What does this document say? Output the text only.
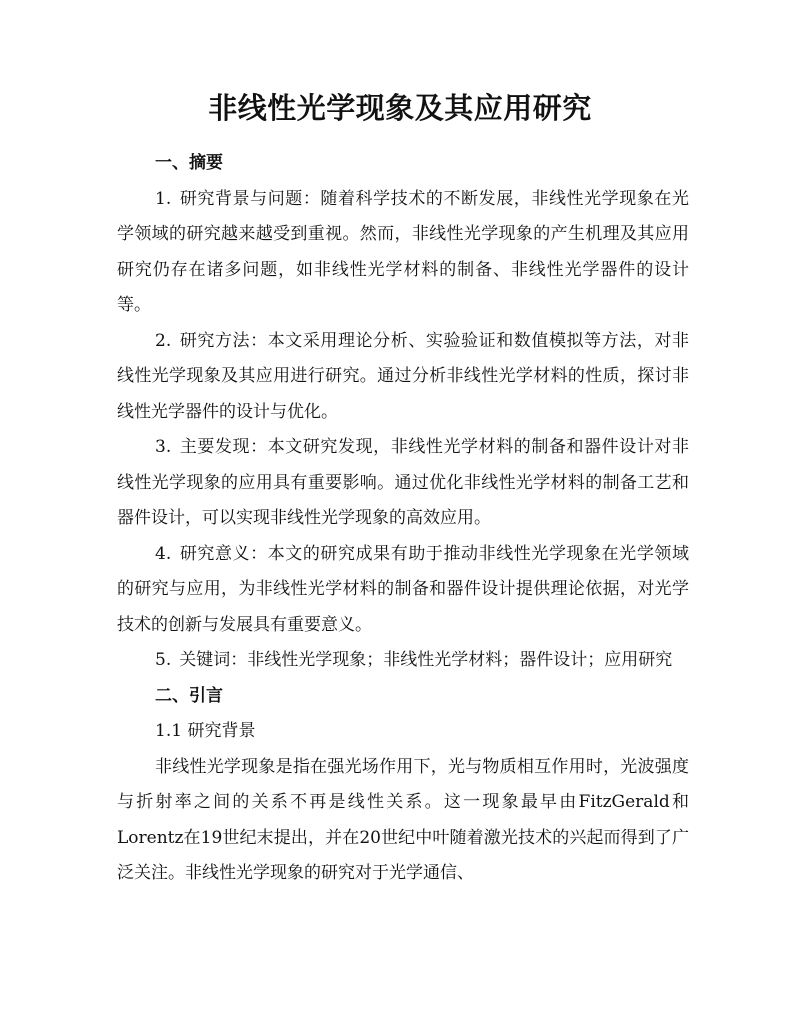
非线性光学现象及其应用研究

一、摘要

1. 研究背景与问题：随着科学技术的不断发展，非线性光学现象在光学领域的研究越来越受到重视。然而，非线性光学现象的产生机理及其应用研究仍存在诸多问题，如非线性光学材料的制备、非线性光学器件的设计等。

2. 研究方法：本文采用理论分析、实验验证和数值模拟等方法，对非线性光学现象及其应用进行研究。通过分析非线性光学材料的性质，探讨非线性光学器件的设计与优化。

3. 主要发现：本文研究发现，非线性光学材料的制备和器件设计对非线性光学现象的应用具有重要影响。通过优化非线性光学材料的制备工艺和器件设计，可以实现非线性光学现象的高效应用。

4. 研究意义：本文的研究成果有助于推动非线性光学现象在光学领域的研究与应用，为非线性光学材料的制备和器件设计提供理论依据，对光学技术的创新与发展具有重要意义。

5. 关键词：非线性光学现象；非线性光学材料；器件设计；应用研究

二、引言

1.1 研究背景

非线性光学现象是指在强光场作用下，光与物质相互作用时，光波强度与折射率之间的关系不再是线性关系。这一现象最早由FitzGerald和Lorentz在19世纪末提出，并在20世纪中叶随着激光技术的兴起而得到了广泛关注。非线性光学现象的研究对于光学通信、
